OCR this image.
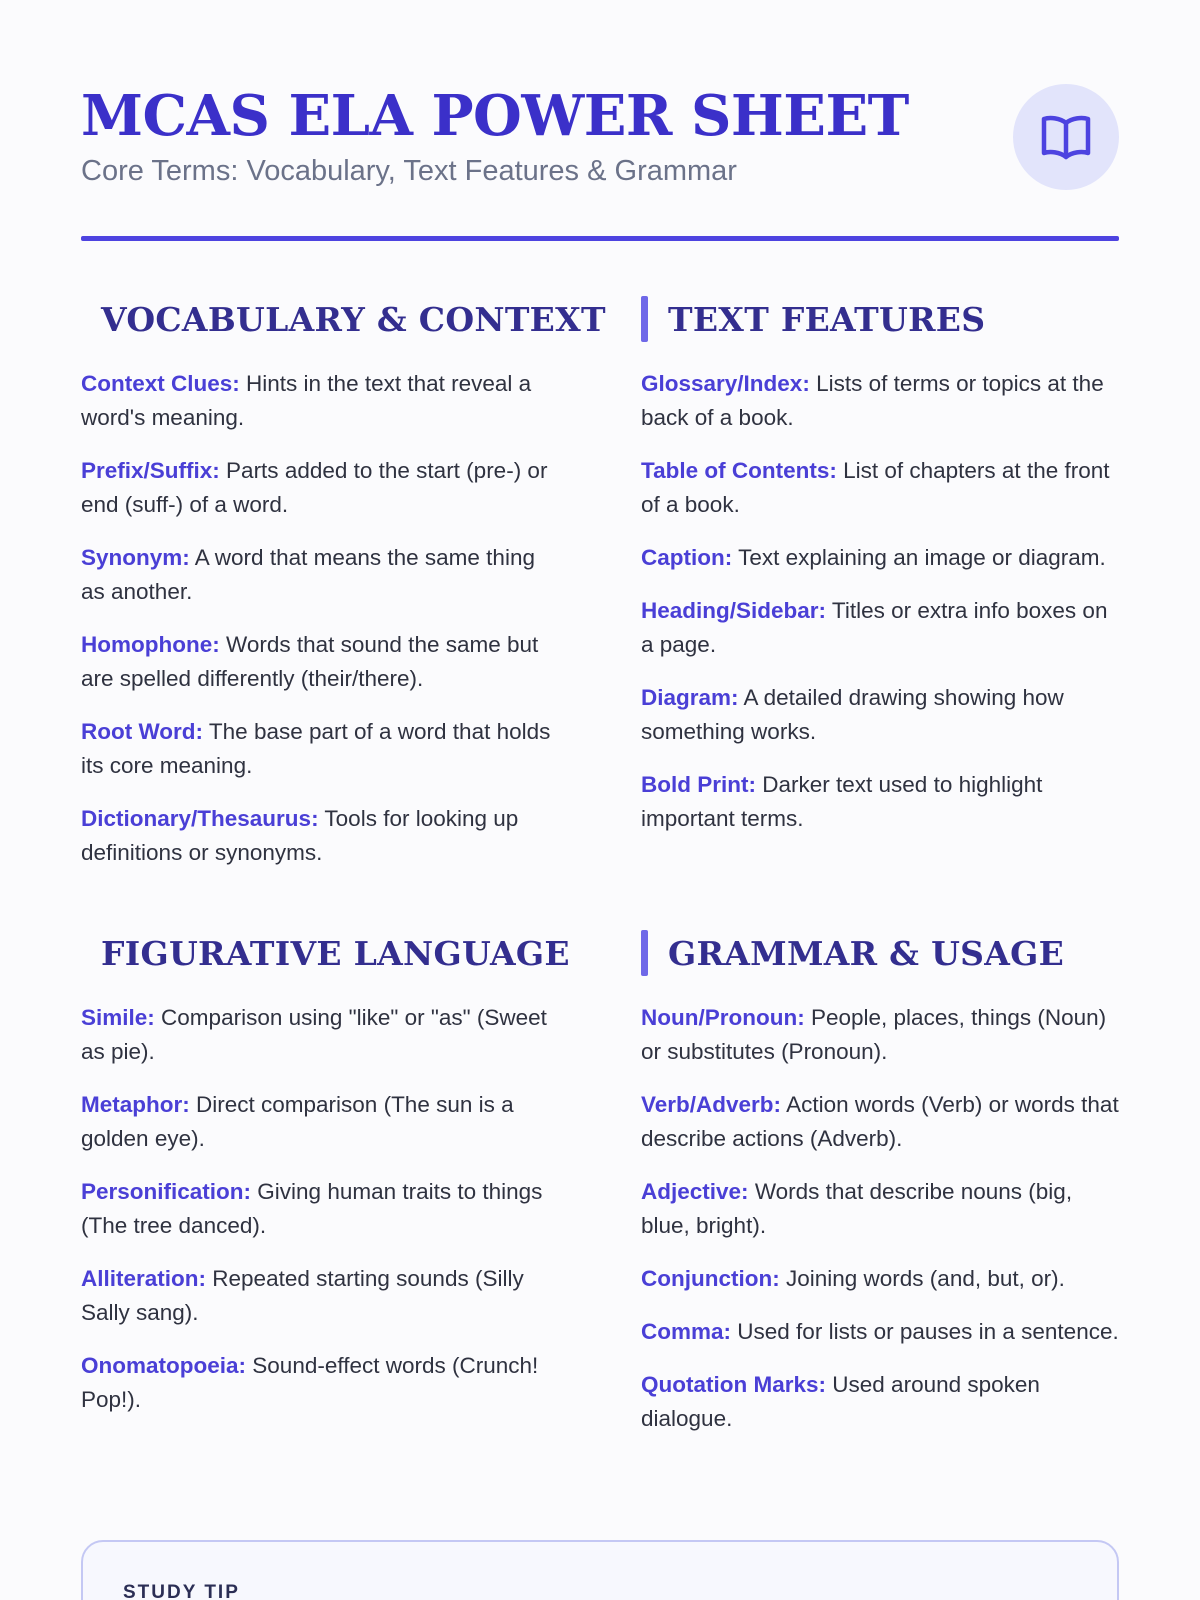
MCAS ELA POWER SHEET
Core Terms: Vocabulary, Text Features & Grammar
VOCABULARY & CONTEXT

Context Clues: Hints in the text that reveal a word's meaning.

Prefix/Suffix: Parts added to the start (pre-) or end (suff-) of a word.

Synonym: A word that means the same thing as another.

Homophone: Words that sound the same but are spelled differently (their/there).

Root Word: The base part of a word that holds its core meaning.

Dictionary/Thesaurus: Tools for looking up definitions or synonyms.

TEXT FEATURES

Glossary/Index: Lists of terms or topics at the back of a book.

Table of Contents: List of chapters at the front of a book.

Caption: Text explaining an image or diagram.

Heading/Sidebar: Titles or extra info boxes on a page.

Diagram: A detailed drawing showing how something works.

Bold Print: Darker text used to highlight important terms.

FIGURATIVE LANGUAGE

Simile: Comparison using "like" or "as" (Sweet as pie).

Metaphor: Direct comparison (The sun is a golden eye).

Personification: Giving human traits to things (The tree danced).

Alliteration: Repeated starting sounds (Silly Sally sang).

Onomatopoeia: Sound-effect words (Crunch! Pop!).

GRAMMAR & USAGE

Noun/Pronoun: People, places, things (Noun) or substitutes (Pronoun).

Verb/Adverb: Action words (Verb) or words that describe actions (Adverb).

Adjective: Words that describe nouns (big, blue, bright).

Conjunction: Joining words (and, but, or).

Comma: Used for lists or pauses in a sentence.

Quotation Marks: Used around spoken dialogue.

STUDY TIP
